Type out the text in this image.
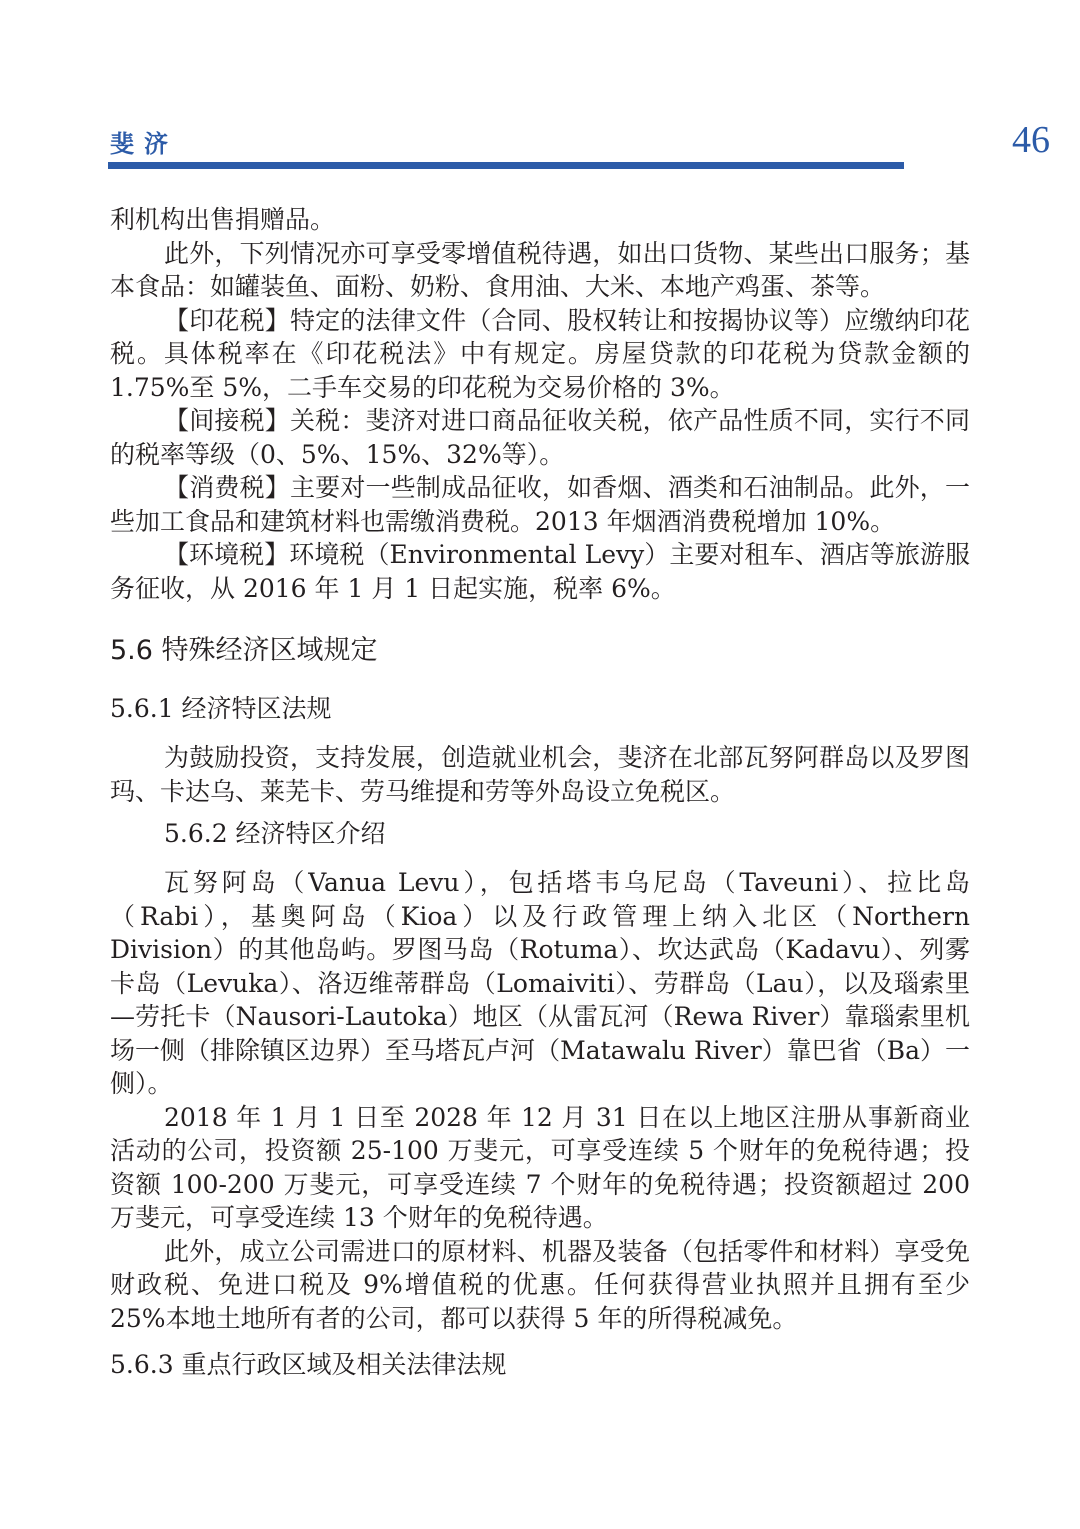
斐济	46

利机构出售捐赠品。

此外，下列情况亦可享受零增值税待遇，如出口货物、某些出口服务；基本食品：如罐装鱼、面粉、奶粉、食用油、大米、本地产鸡蛋、茶等。

【印花税】特定的法律文件（合同、股权转让和按揭协议等）应缴纳印花税。具体税率在《印花税法》中有规定。房屋贷款的印花税为贷款金额的 1.75%至 5%，二手车交易的印花税为交易价格的 3%。

【间接税】关税：斐济对进口商品征收关税，依产品性质不同，实行不同的税率等级（0、5%、15%、32%等）。

【消费税】主要对一些制成品征收，如香烟、酒类和石油制品。此外，一些加工食品和建筑材料也需缴消费税。2013 年烟酒消费税增加 10%。

【环境税】环境税（Environmental Levy）主要对租车、酒店等旅游服务征收，从 2016 年 1 月 1 日起实施，税率 6%。

5.6 特殊经济区域规定
5.6.1 经济特区法规

为鼓励投资，支持发展，创造就业机会，斐济在北部瓦努阿群岛以及罗图玛、卡达乌、莱芜卡、劳马维提和劳等外岛设立免税区。

5.6.2 经济特区介绍

瓦努阿岛（Vanua Levu），包括塔韦乌尼岛（Taveuni）、拉比岛（Rabi），基奥阿岛（Kioa）以及行政管理上纳入北区（Northern Division）的其他岛屿。罗图马岛（Rotuma）、坎达武岛（Kadavu）、列雾卡岛（Levuka）、洛迈维蒂群岛（Lomaiviti）、劳群岛（Lau），以及瑙索里—劳托卡（Nausori-Lautoka）地区（从雷瓦河（Rewa River）靠瑙索里机场一侧（排除镇区边界）至马塔瓦卢河（Matawalu River）靠巴省（Ba）一侧）。

2018 年 1 月 1 日至 2028 年 12 月 31 日在以上地区注册从事新商业活动的公司，投资额 25-100 万斐元，可享受连续 5 个财年的免税待遇；投资额 100-200 万斐元，可享受连续 7 个财年的免税待遇；投资额超过 200 万斐元，可享受连续 13 个财年的免税待遇。

此外，成立公司需进口的原材料、机器及装备（包括零件和材料）享受免财政税、免进口税及 9%增值税的优惠。任何获得营业执照并且拥有至少 25%本地土地所有者的公司，都可以获得 5 年的所得税减免。

5.6.3 重点行政区域及相关法律法规
